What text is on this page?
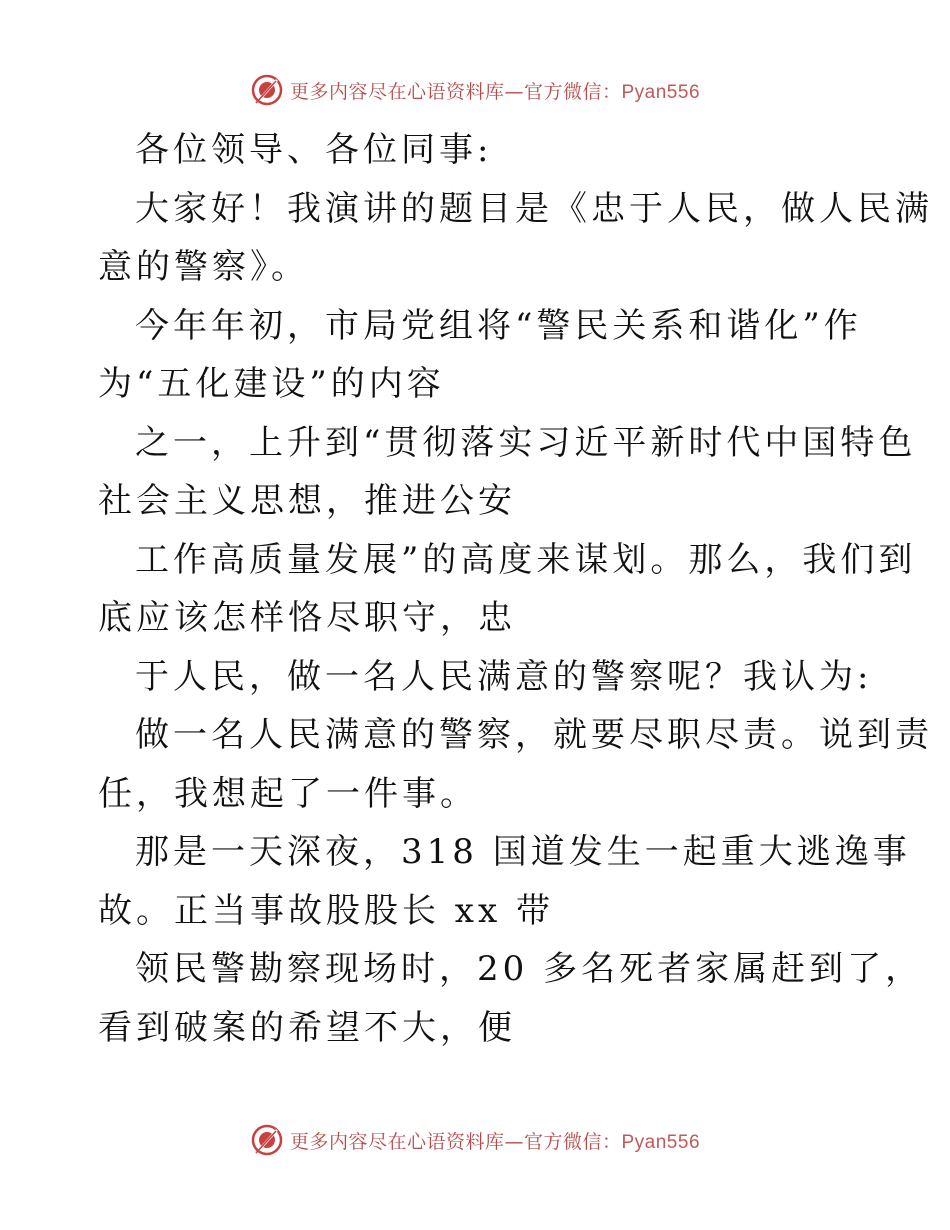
更多内容尽在心语资料库—官方微信：Pyan556
各位领导、各位同事:
大家好！我演讲的题目是《忠于人民，做人民满
意的警察》。
今年年初，市局党组将“警民关系和谐化”作
为“五化建设”的内容
之一，上升到“贯彻落实习近平新时代中国特色
社会主义思想，推进公安
工作高质量发展”的高度来谋划。那么，我们到
底应该怎样恪尽职守，忠
于人民，做一名人民满意的警察呢？我认为:
做一名人民满意的警察，就要尽职尽责。说到责
任，我想起了一件事。
那是一天深夜，318 国道发生一起重大逃逸事
故。正当事故股股长 xx 带
领民警勘察现场时，20 多名死者家属赶到了，
看到破案的希望不大，便
更多内容尽在心语资料库—官方微信：Pyan556
